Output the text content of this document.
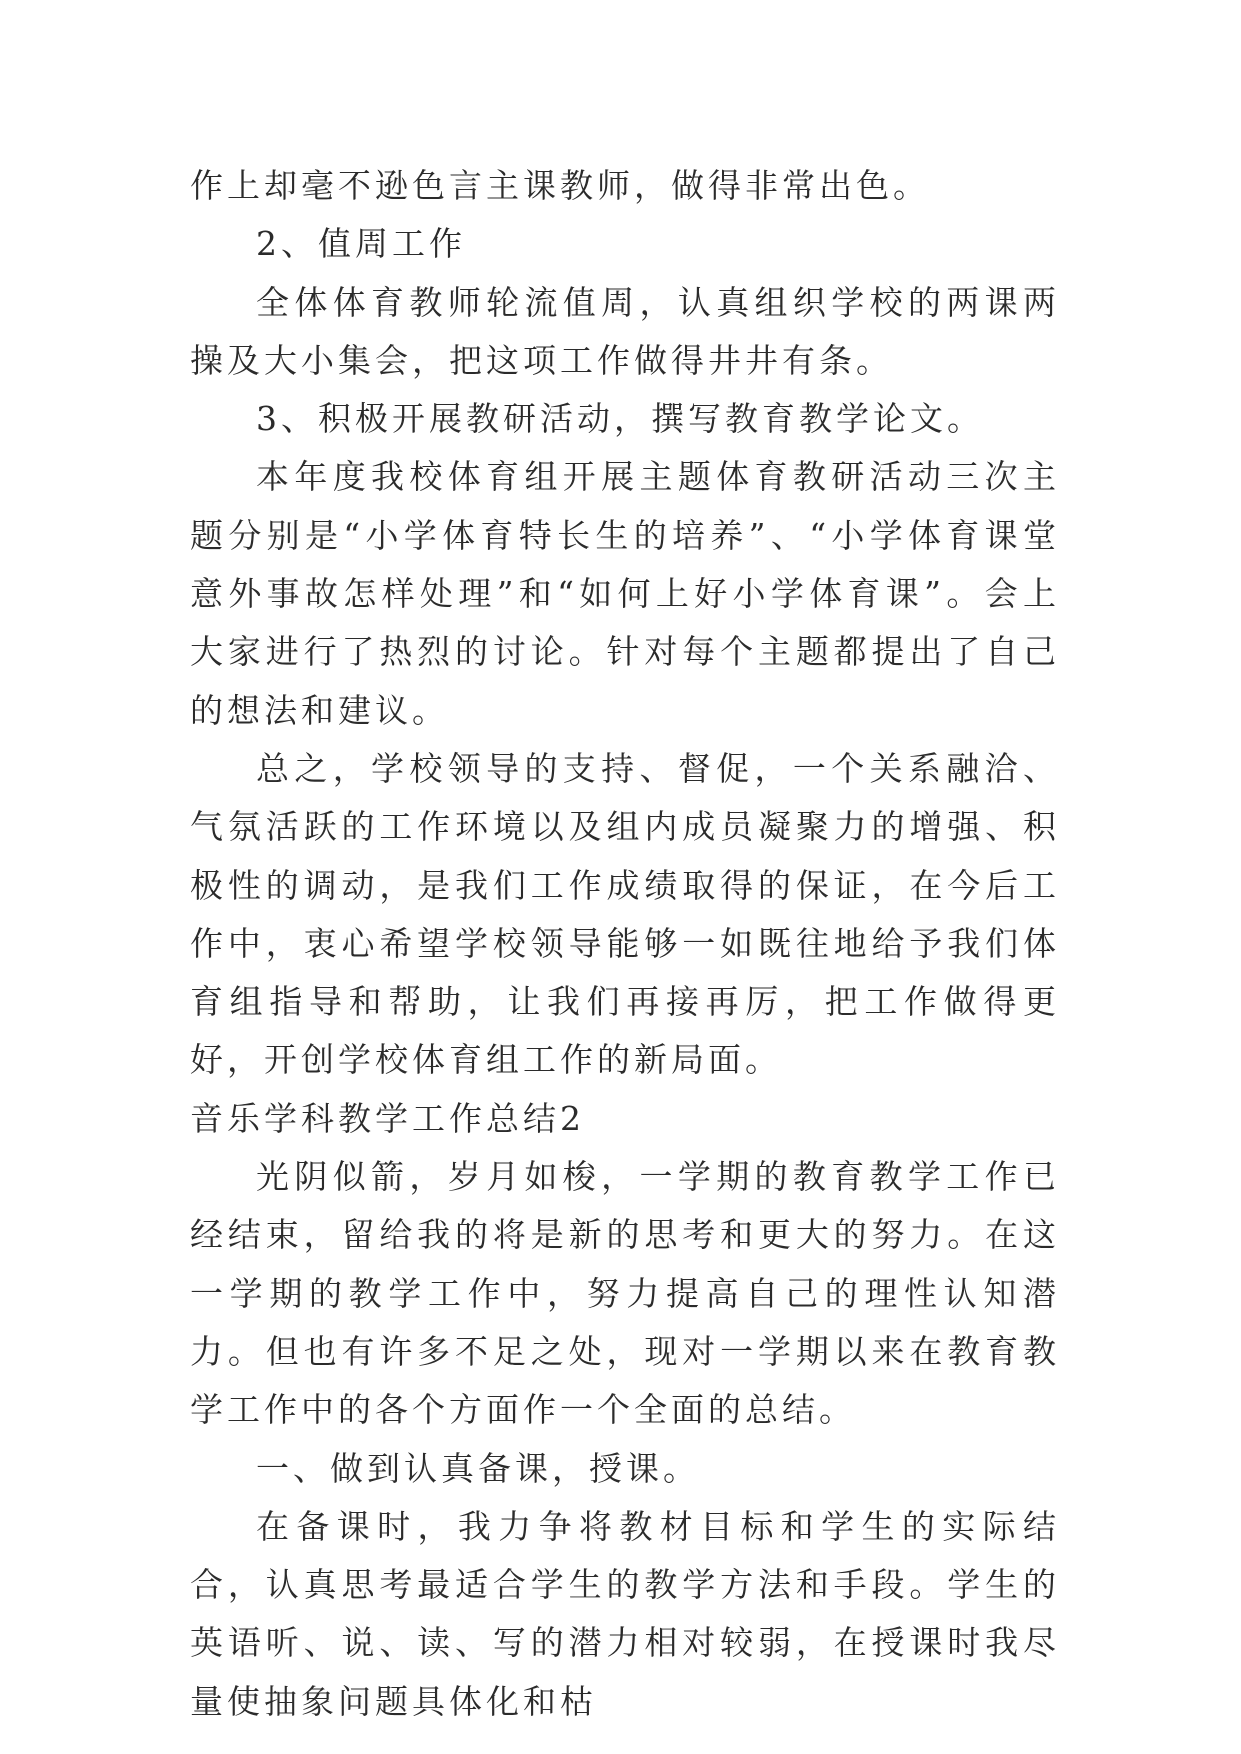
作上却毫不逊色言主课教师，做得非常出色。

2、值周工作

全体体育教师轮流值周，认真组织学校的两课两操及大小集会，把这项工作做得井井有条。

3、积极开展教研活动，撰写教育教学论文。

本年度我校体育组开展主题体育教研活动三次主题分别是“小学体育特长生的培养”、“小学体育课堂意外事故怎样处理”和“如何上好小学体育课”。会上大家进行了热烈的讨论。针对每个主题都提出了自己的想法和建议。

总之，学校领导的支持、督促，一个关系融洽、气氛活跃的工作环境以及组内成员凝聚力的增强、积极性的调动，是我们工作成绩取得的保证，在今后工作中，衷心希望学校领导能够一如既往地给予我们体育组指导和帮助，让我们再接再厉，把工作做得更好，开创学校体育组工作的新局面。

音乐学科教学工作总结2

光阴似箭，岁月如梭，一学期的教育教学工作已经结束，留给我的将是新的思考和更大的努力。在这一学期的教学工作中，努力提高自己的理性认知潜力。但也有许多不足之处，现对一学期以来在教育教学工作中的各个方面作一个全面的总结。

一、做到认真备课，授课。

在备课时，我力争将教材目标和学生的实际结合，认真思考最适合学生的教学方法和手段。学生的英语听、说、读、写的潜力相对较弱，在授课时我尽量使抽象问题具体化和枯
